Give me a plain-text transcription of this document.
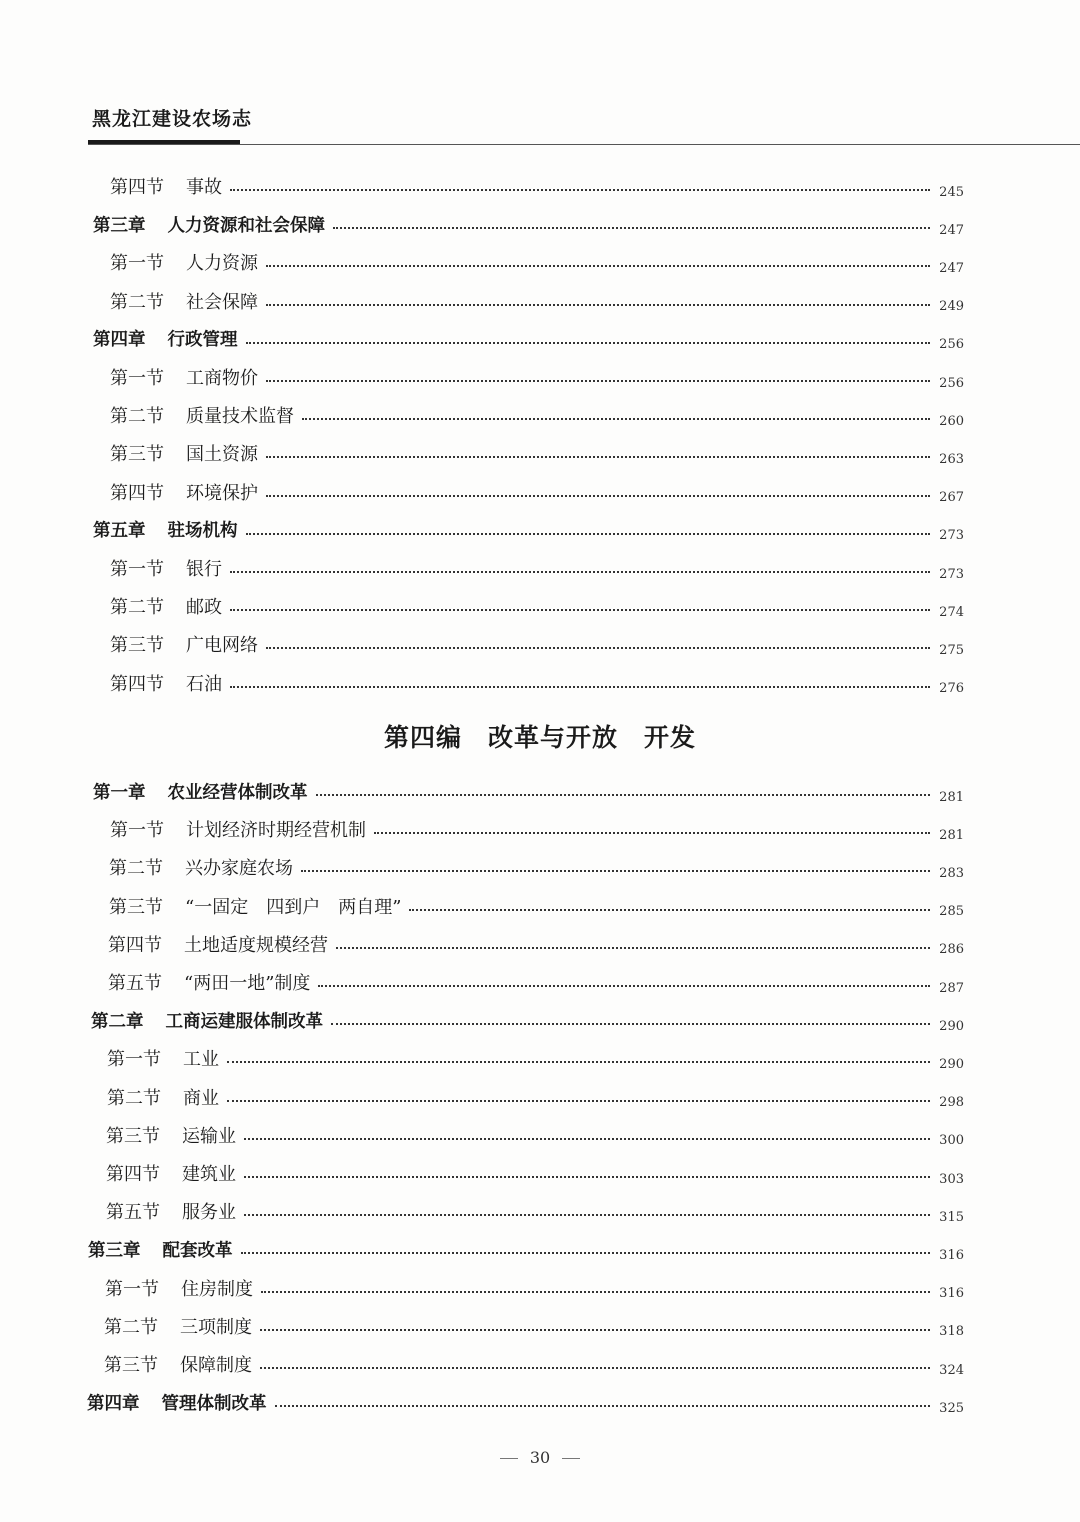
黑龙江建设农场志
第四节 事故	245
第三章 人力资源和社会保障	247
第一节 人力资源	247
第二节 社会保障	249
第四章 行政管理	256
第一节 工商物价	256
第二节 质量技术监督	260
第三节 国土资源	263
第四节 环境保护	267
第五章 驻场机构	273
第一节 银行	273
第二节 邮政	274
第三节 广电网络	275
第四节 石油	276
第一章 农业经营体制改革	281
第一节 计划经济时期经营机制	281
第二节 兴办家庭农场	283
第三节 “一固定　四到户　两自理”	285
第四节 土地适度规模经营	286
第五节 “两田一地”制度	287
第二章 工商运建服体制改革	290
第一节 工业	290
第二节 商业	298
第三节 运输业	300
第四节 建筑业	303
第五节 服务业	315
第三章 配套改革	316
第一节 住房制度	316
第二节 三项制度	318
第三节 保障制度	324
第四章 管理体制改革	325
第四编　改革与开放　开发
30
